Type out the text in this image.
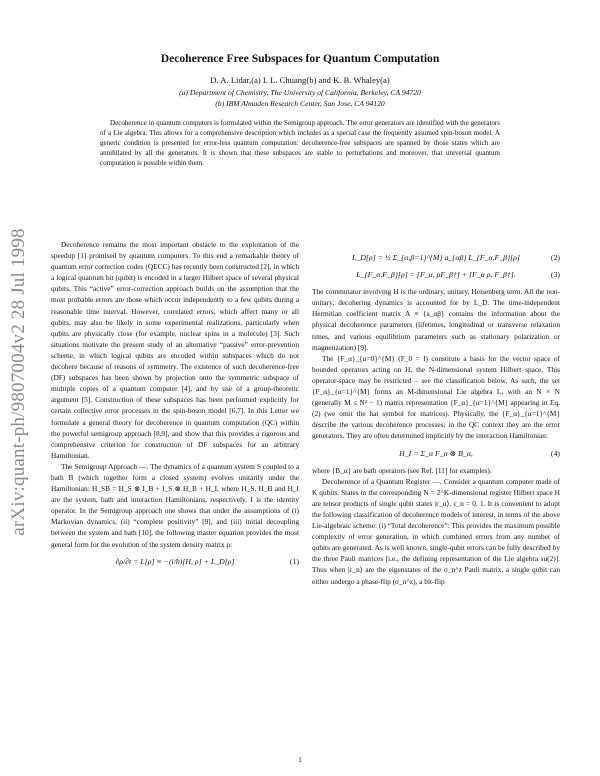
arXiv:quant-ph/9807004v2 28 Jul 1998
Decoherence Free Subspaces for Quantum Computation
D. A. Lidar,(a) I. L. Chuang(b) and K. B. Whaley(a)
(a) Department of Chemistry, The University of California, Berkeley, CA 94720
(b) IBM Almaden Research Center, San Jose, CA 94120
Decoherence in quantum computers is formulated within the Semigroup approach. The error generators are identified with the generators of a Lie algebra. This allows for a comprehensive description which includes as a special case the frequently assumed spin-boson model. A generic condition is presented for error-less quantum computation: decoherence-free subspaces are spanned by those states which are annihilated by all the generators. It is shown that these subspaces are stable to perturbations and moreover, that universal quantum computation is possible within them.

Decoherence remains the most important obstacle to the exploitation of the speedup [1] promised by quantum computers. To this end a remarkable theory of quantum error correction codes (QECC) has recently been constructed [2], in which a logical quantum bit (qubit) is encoded in a larger Hilbert space of several physical qubits. This “active” error-correction approach builds on the assumption that the most probable errors are those which occur independently to a few qubits during a reasonable time interval. However, correlated errors, which affect many or all qubits, may also be likely in some experimental realizations, particularly when qubits are physically close (for example, nuclear spins in a molecule) [3]. Such situations motivate the present study of an alternative “passive” error-prevention scheme, in which logical qubits are encoded within subspaces which do not decohere because of reasons of symmetry. The existence of such decoherence-free (DF) subspaces has been shown by projection onto the symmetric subspace of multiple copies of a quantum computer [4], and by use of a group-theoretic argument [5]. Construction of these subspaces has been performed explicitly for certain collective error processes in the spin-boson model [6,7]. In this Letter we formulate a general theory for decoherence in quantum computation (QC) within the powerful semigroup approach [8,9], and show that this provides a rigorous and comprehensive criterion for construction of DF subspaces for an arbitrary Hamiltonian.

The Semigroup Approach —. The dynamics of a quantum system S coupled to a bath B (which together form a closed system) evolves unitarily under the Hamiltonian: H_SB = H_S ⊗ I_B + I_S ⊗ H_B + H_I, where H_S, H_B and H_I are the system, bath and interaction Hamiltonians, respectively. I is the identity operator. In the Semigroup approach one shows that under the assumptions of (i) Markovian dynamics, (ii) “complete positivity” [9], and (iii) initial decoupling between the system and bath [10], the following master equation provides the most general form for the evolution of the system density matrix ρ:

∂ρ/∂t = L[ρ] ≡ −(i/ħ)[H, ρ] + L_D[ρ]	(1)
L_D[ρ] = ½ Σ_{α,β=1}^{M} a_{αβ} L_{F_α,F_β}[ρ]	(2)
L_{F_α,F_β}[ρ] = [F_α, ρF_β†] + [F_α ρ, F_β†].	(3)

The commutator involving H is the ordinary, unitary, Heisenberg term. All the non-unitary, decohering dynamics is accounted for by L_D. The time-independent Hermitian coefficient matrix A ≡ {a_αβ} contains the information about the physical decoherence parameters (lifetimes, longitudinal or transverse relaxation times, and various equilibrium parameters such as stationary polarization or magnetization) [9].

The {F_α}_{α=0}^{M} (F_0 = I) constitute a basis for the vector space of bounded operators acting on H, the N-dimensional system Hilbert space. This operator-space may be restricted – see the classification below. As such, the set {F_α}_{α=1}^{M} forms an M-dimensional Lie algebra L, with an N × N (generally M ≤ N² − 1) matrix representation {F_α}_{α=1}^{M} appearing in Eq. (2) (we omit the hat symbol for matrices). Physically, the {F_α}_{α=1}^{M} describe the various decoherence processes; in the QC context they are the error generators. They are often determined implicitly by the interaction Hamiltonian:

H_I = Σ_α F_α ⊗ B_α,	(4)

where {B_α} are bath operators (see Ref. [11] for examples).

Decoherence of a Quantum Register —. Consider a quantum computer made of K qubits. States in the corresponding N = 2^K-dimensional register Hilbert space H are tensor products of single qubit states |ε_n⟩, ε_n = 0, 1. It is convenient to adopt the following classification of decoherence models of interest, in terms of the above Lie-algebraic scheme: (i) “Total decoherence”: This provides the maximum possible complexity of error generation, in which combined errors from any number of qubits are generated. As is well known, single-qubit errors can be fully described by the three Pauli matrices [i.e., the defining representation of the Lie algebra su(2)]. Thus when |ε_n⟩ are the eigenstates of the σ_n^z Pauli matrix, a single qubit can either undergo a phase-flip (σ_n^z), a bit-flip

1
